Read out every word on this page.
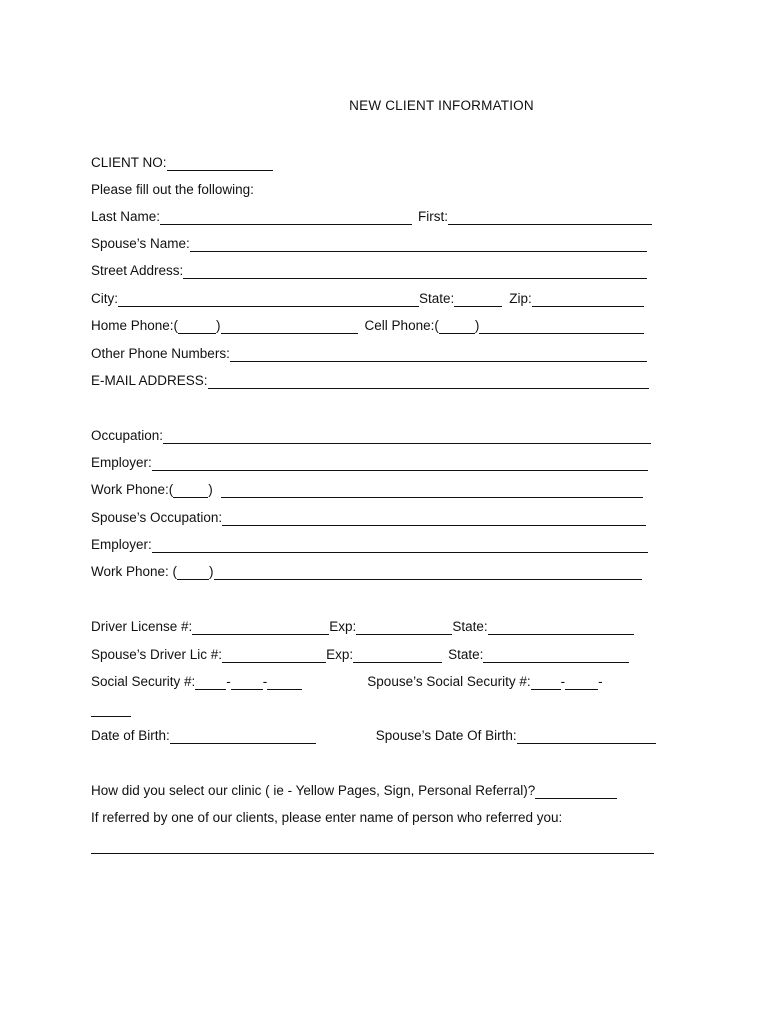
NEW CLIENT INFORMATION
CLIENT NO:
Please fill out the following:
Last Name:	First:
Spouse’s Name:
Street Address:
City:	State:	Zip:
Home Phone:(	)	Cell Phone:(	)
Other Phone Numbers:
E-MAIL ADDRESS:
Occupation:
Employer:
Work Phone:(	)
Spouse’s Occupation:
Employer:
Work Phone: ( )
Driver License #:	Exp:	State:
Spouse’s Driver Lic #:	Exp:	State:
Social Security #: - -	Spouse’s Social Security #: - -
Date of Birth:	Spouse’s Date Of Birth:
How did you select our clinic ( ie - Yellow Pages, Sign, Personal Referral)?
If referred by one of our clients, please enter name of person who referred you:
